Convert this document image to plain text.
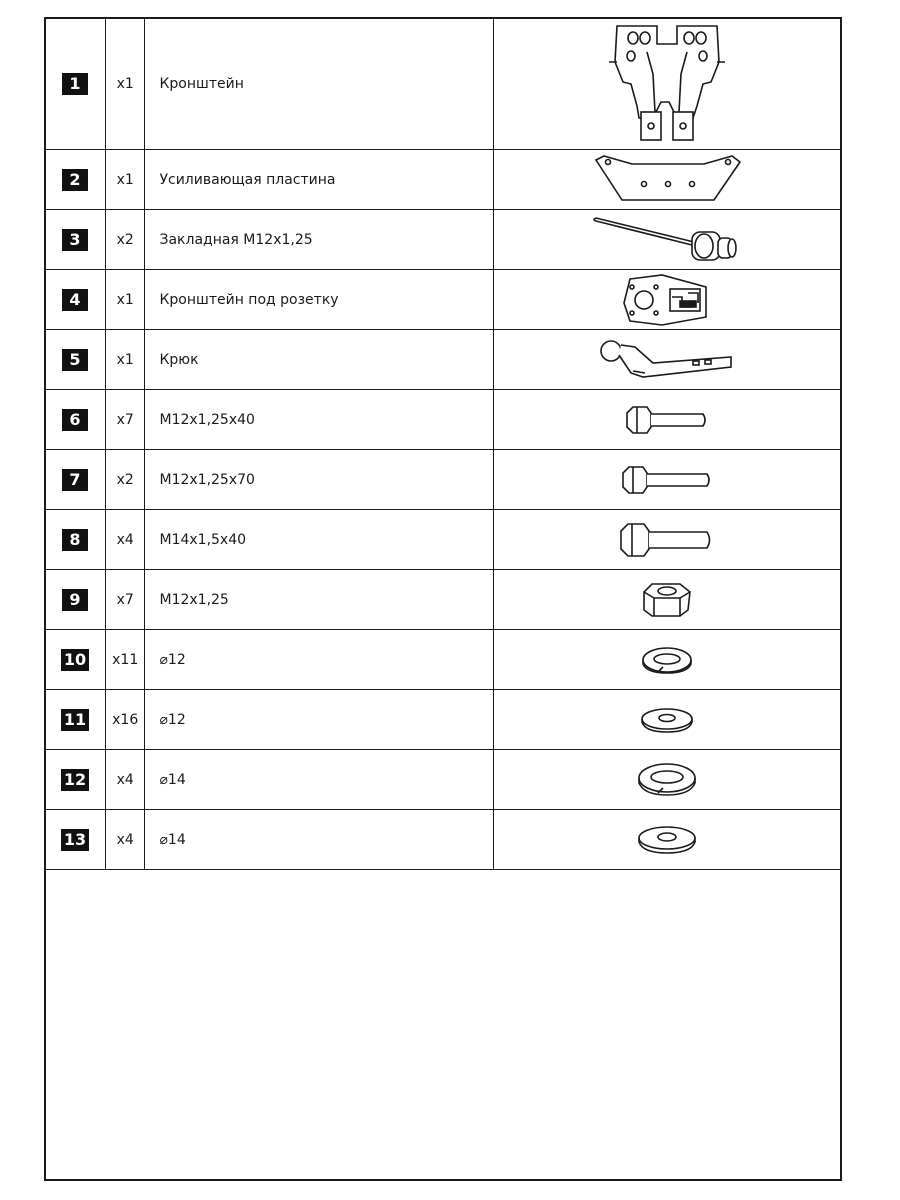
1	x1	Кронштейн	

2	x1	Усиливающая пластина	

3	x2	Закладная М12х1,25	

4	x1	Кронштейн под розетку	

5	x1	Крюк	

6	x7	М12х1,25х40	

7	x2	М12х1,25х70	

8	x4	М14х1,5х40	

9	x7	М12х1,25	

10	x11	⌀12	

11	x16	⌀12	

12	x4	⌀14	

13	x4	⌀14	
